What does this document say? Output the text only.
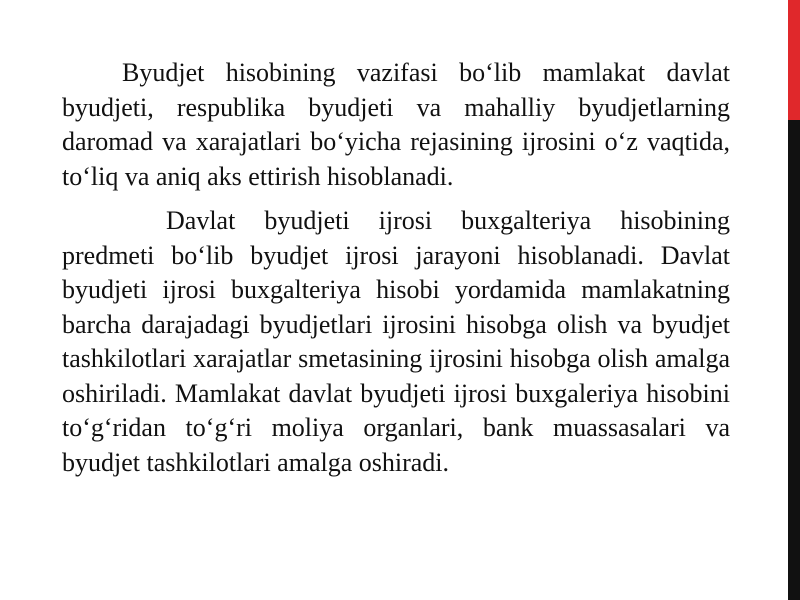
Byudjet hisobining vazifasi bo‘lib mamlakat davlat byudjeti, respublika byudjeti va mahalliy byudjetlarning daromad va xarajatlari bo‘yicha rejasining ijrosini o‘z vaqtida, to‘liq va aniq aks ettirish hisoblanadi.

Davlat byudjeti ijrosi buxgalteriya hisobining predmeti bo‘lib byudjet ijrosi jarayoni hisoblanadi. Davlat byudjeti ijrosi buxgalteriya hisobi yordamida mamlakatning barcha darajadagi byudjetlari ijrosini hisobga olish va byudjet tashkilotlari xarajatlar smetasining ijrosini hisobga olish amalga oshiriladi. Mamlakat davlat byudjeti ijrosi buxgaleriya hisobini to‘g‘ridan to‘g‘ri moliya organlari, bank muassasalari va byudjet tashkilotlari amalga oshiradi.
